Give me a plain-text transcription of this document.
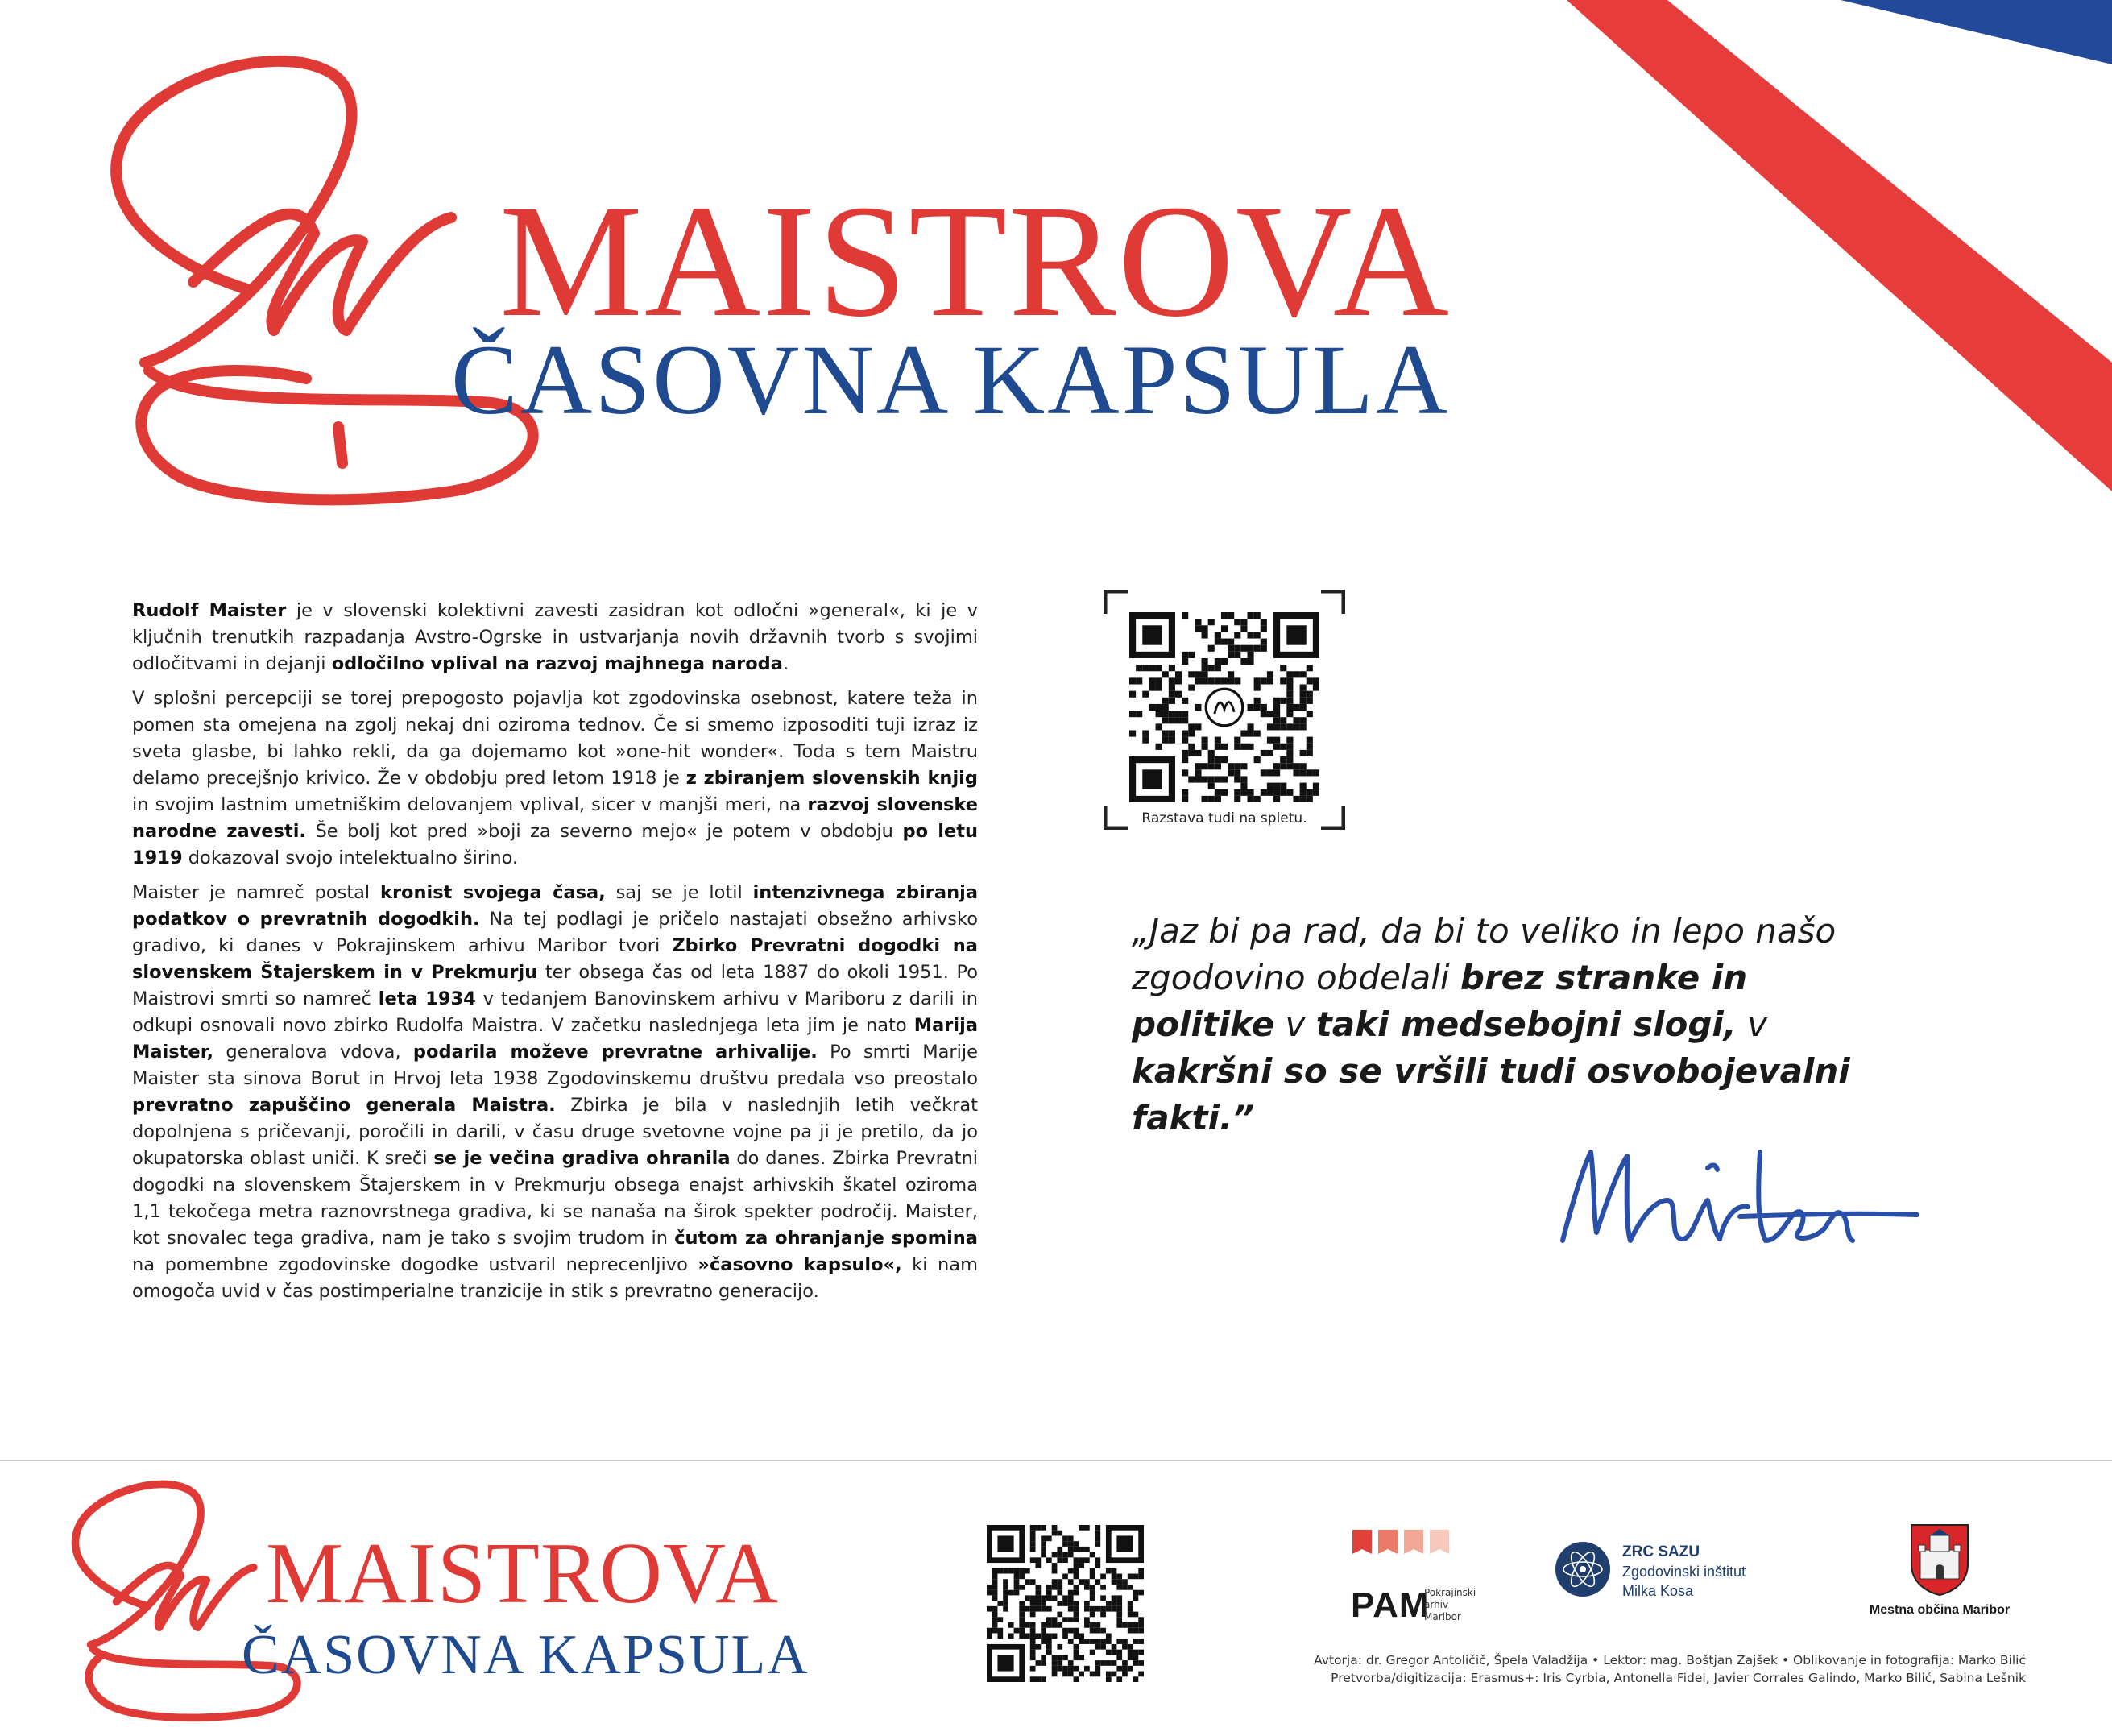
MAISTROVA
ČASOVNA KAPSULA

Rudolf Maister je v slovenski kolektivni zavesti zasidran kot odločni »general«, ki je v ključnih trenutkih razpadanja Avstro-Ogrske in ustvarjanja novih državnih tvorb s svojimi odločitvami in dejanji odločilno vplival na razvoj majhnega naroda.

V splošni percepciji se torej prepogosto pojavlja kot zgodovinska osebnost, katere teža in pomen sta omejena na zgolj nekaj dni oziroma tednov. Če si smemo izposoditi tuji izraz iz sveta glasbe, bi lahko rekli, da ga dojemamo kot »one-hit wonder«. Toda s tem Maistru delamo precejšnjo krivico. Že v obdobju pred letom 1918 je z zbiranjem slovenskih knjig in svojim lastnim umetniškim delovanjem vplival, sicer v manjši meri, na razvoj slovenske narodne zavesti. Še bolj kot pred »boji za severno mejo« je potem v obdobju po letu 1919 dokazoval svojo intelektualno širino.

Maister je namreč postal kronist svojega časa, saj se je lotil intenzivnega zbiranja podatkov o prevratnih dogodkih. Na tej podlagi je pričelo nastajati obsežno arhivsko gradivo, ki danes v Pokrajinskem arhivu Maribor tvori Zbirko Prevratni dogodki na slovenskem Štajerskem in v Prekmurju ter obsega čas od leta 1887 do okoli 1951. Po Maistrovi smrti so namreč leta 1934 v tedanjem Banovinskem arhivu v Mariboru z darili in odkupi osnovali novo zbirko Rudolfa Maistra. V začetku naslednjega leta jim je nato Marija Maister, generalova vdova, podarila moževe prevratne arhivalije. Po smrti Marije Maister sta sinova Borut in Hrvoj leta 1938 Zgodovinskemu društvu predala vso preostalo prevratno zapuščino generala Maistra. Zbirka je bila v naslednjih letih večkrat dopolnjena s pričevanji, poročili in darili, v času druge svetovne vojne pa ji je pretilo, da jo okupatorska oblast uniči. K sreči se je večina gradiva ohranila do danes. Zbirka Prevratni dogodki na slovenskem Štajerskem in v Prekmurju obsega enajst arhivskih škatel oziroma 1,1 tekočega metra raznovrstnega gradiva, ki se nanaša na širok spekter področij. Maister, kot snovalec tega gradiva, nam je tako s svojim trudom in čutom za ohranjanje spomina na pomembne zgodovinske dogodke ustvaril neprecenljivo »časovno kapsulo«, ki nam omogoča uvid v čas postimperialne tranzicije in stik s prevratno generacijo.

Razstava tudi na spletu.
„Jaz bi pa rad, da bi to veliko in lepo našo zgodovino obdelali brez stranke in politike v taki medsebojni slogi, v kakršni so se vršili tudi osvobojevalni fakti.”
MAISTROVA
ČASOVNA KAPSULA
PAM
Pokrajinski
arhiv
Maribor
ZRC SAZU
Zgodovinski inštitut
Milka Kosa
Mestna občina Maribor
Avtorja: dr. Gregor Antoličič, Špela Valadžija • Lektor: mag. Boštjan Zajšek • Oblikovanje in fotografija: Marko Bilić
Pretvorba/digitizacija: Erasmus+: Iris Cyrbia, Antonella Fidel, Javier Corrales Galindo, Marko Bilić, Sabina Lešnik
